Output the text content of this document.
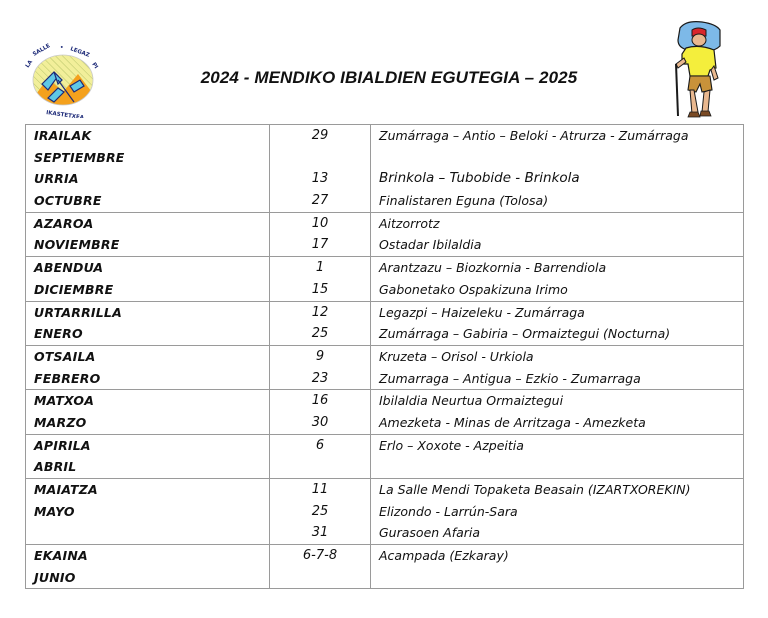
LA
SALLE • LEGAZ
PI
IKASTETXEA
2024 - MENDIKO IBIALDIEN EGUTEGIA – 2025
IRAILAK
SEPTIEMBRE
URRIA
OCTUBRE
29
13
27
Zumárraga – Antio – Beloki - Atrurza - Zumárraga
Brinkola – Tubobide - Brinkola
Finalistaren Eguna (Tolosa)
AZAROA
NOVIEMBRE
10
17
Aitzorrotz
Ostadar Ibilaldia
ABENDUA
DICIEMBRE
1
15
Arantzazu – Biozkornia - Barrendiola
Gabonetako Ospakizuna Irimo
URTARRILLA
ENERO
12
25
Legazpi – Haizeleku - Zumárraga
Zumárraga – Gabiria – Ormaiztegui (Nocturna)
OTSAILA
FEBRERO
9
23
Kruzeta – Orisol - Urkiola
Zumarraga – Antigua – Ezkio - Zumarraga
MATXOA
MARZO
16
30
Ibilaldia Neurtua Ormaiztegui
Amezketa - Minas de Arritzaga - Amezketa
APIRILA
ABRIL
6	Erlo – Xoxote - Azpeitia
MAIATZA
MAYO
11
25
31
La Salle Mendi Topaketa Beasain (IZARTXOREKIN)
Elizondo - Larrún-Sara
Gurasoen Afaria
EKAINA
JUNIO
6-7-8	Acampada (Ezkaray)
